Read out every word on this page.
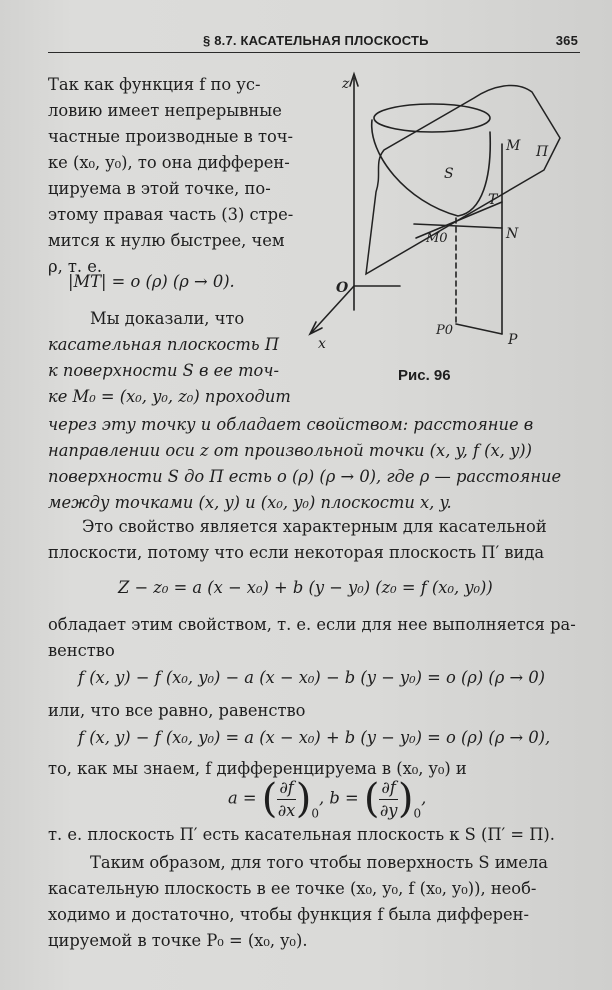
§ 8.7. КАСАТЕЛЬНАЯ ПЛОСКОСТЬ	365
Так как функция f по ус-
ловию имеет непрерывные
частные производные в точ-
ке (x₀, y₀), то она дифферен-
цируема в этой точке, по-
этому правая часть (3) стре-
мится к нулю быстрее, чем
ρ, т. е.
|MT| = o (ρ) (ρ → 0).
Мы доказали, что
касательная плоскость Π
к поверхности S в ее точ-
ке M₀ = (x₀, y₀, z₀) проходит
через эту точку и обладает свойством: расстояние в
направлении оси z от произвольной точки (x, y, f (x, y))
поверхности S до Π есть o (ρ) (ρ → 0), где ρ — расстояние
между точками (x, y) и (x₀, y₀) плоскости x, y.
Это свойство является характерным для касательной
плоскости, потому что если некоторая плоскость Π′ вида
Z − z₀ = a (x − x₀) + b (y − y₀) (z₀ = f (x₀, y₀))
обладает этим свойством, т. е. если для нее выполняется ра-
венство
f (x, y) − f (x₀, y₀) − a (x − x₀) − b (y − y₀) = o (ρ) (ρ → 0)
или, что все равно, равенство
f (x, y) − f (x₀, y₀) = a (x − x₀) + b (y − y₀) = o (ρ) (ρ → 0),
то, как мы знаем, f дифференцируема в (x₀, y₀) и
a = ( $\frac{\partial f}{\partial x} )_0$, b = ( $\frac{\partial f}{\partial y} )_0$,
т. е. плоскость Π′ есть касательная плоскость к S (Π′ = Π).
Таким образом, для того чтобы поверхность S имела
касательную плоскость в ее точке (x₀, y₀, f (x₀, y₀)), необ-
ходимо и достаточно, чтобы функция f была дифферен-
цируемой в точке P₀ = (x₀, y₀).
z
x
O
S
Π
M
T
N
M0
P0
P
Рис. 96
